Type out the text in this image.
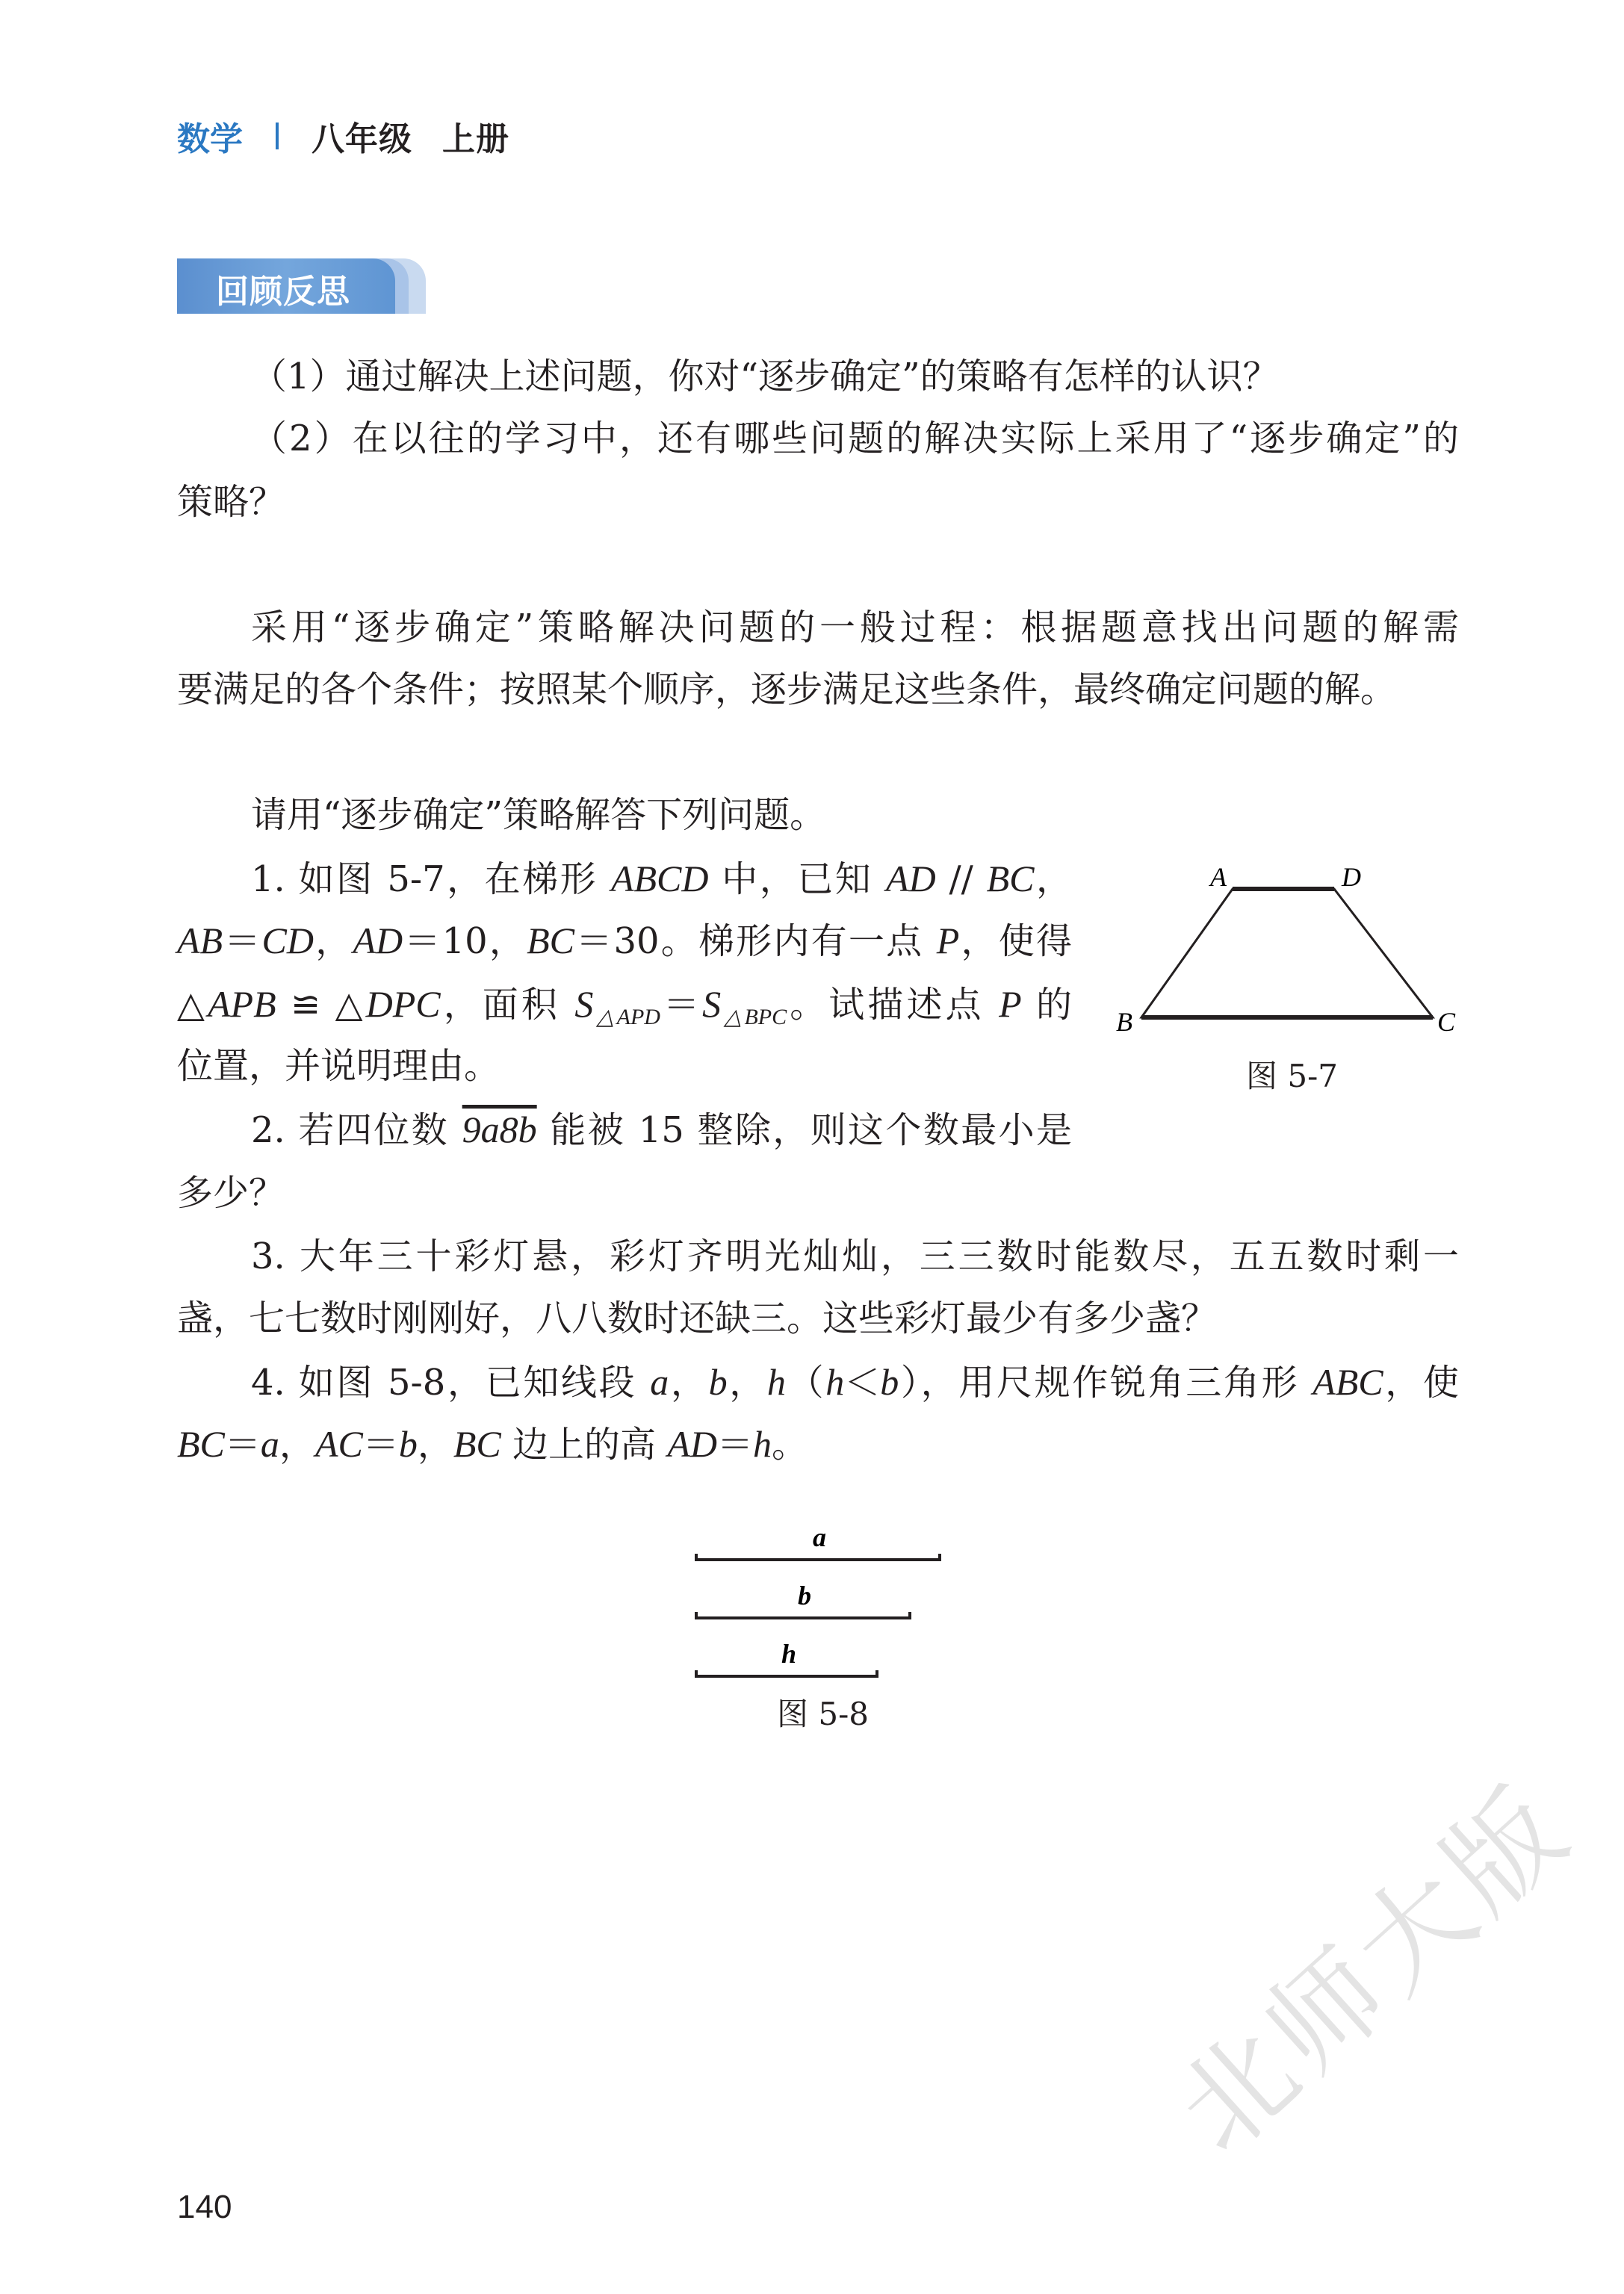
数学 八年级 上册
回顾反思
（1）通过解决上述问题，你对“逐步确定”的策略有怎样的认识？
（2）在以往的学习中，还有哪些问题的解决实际上采用了“逐步确定”的
策略？
采用“逐步确定”策略解决问题的一般过程：根据题意找出问题的解需
要满足的各个条件；按照某个顺序，逐步满足这些条件，最终确定问题的解。
请用“逐步确定”策略解答下列问题。
1. 如图 5-7，在梯形 ABCD 中，已知 AD // BC，
AB＝CD，AD＝10，BC＝30。梯形内有一点 P，使得
△APB ≌ △DPC，面积 $S_{\triangle APD}=S_{\triangle BPC}$。试描述点 P 的
位置，并说明理由。
2. 若四位数 9a8b 能被 15 整除，则这个数最小是
多少？
3. 大年三十彩灯悬，彩灯齐明光灿灿，三三数时能数尽，五五数时剩一
盏，七七数时刚刚好，八八数时还缺三。这些彩灯最少有多少盏？
4. 如图 5-8，已知线段 a，b，h（h＜b），用尺规作锐角三角形 ABC，使
BC＝a，AC＝b，BC 边上的高 AD＝h。
A	D
B	C
图 5-7
a
b
h
图 5-8
140
北师大版
